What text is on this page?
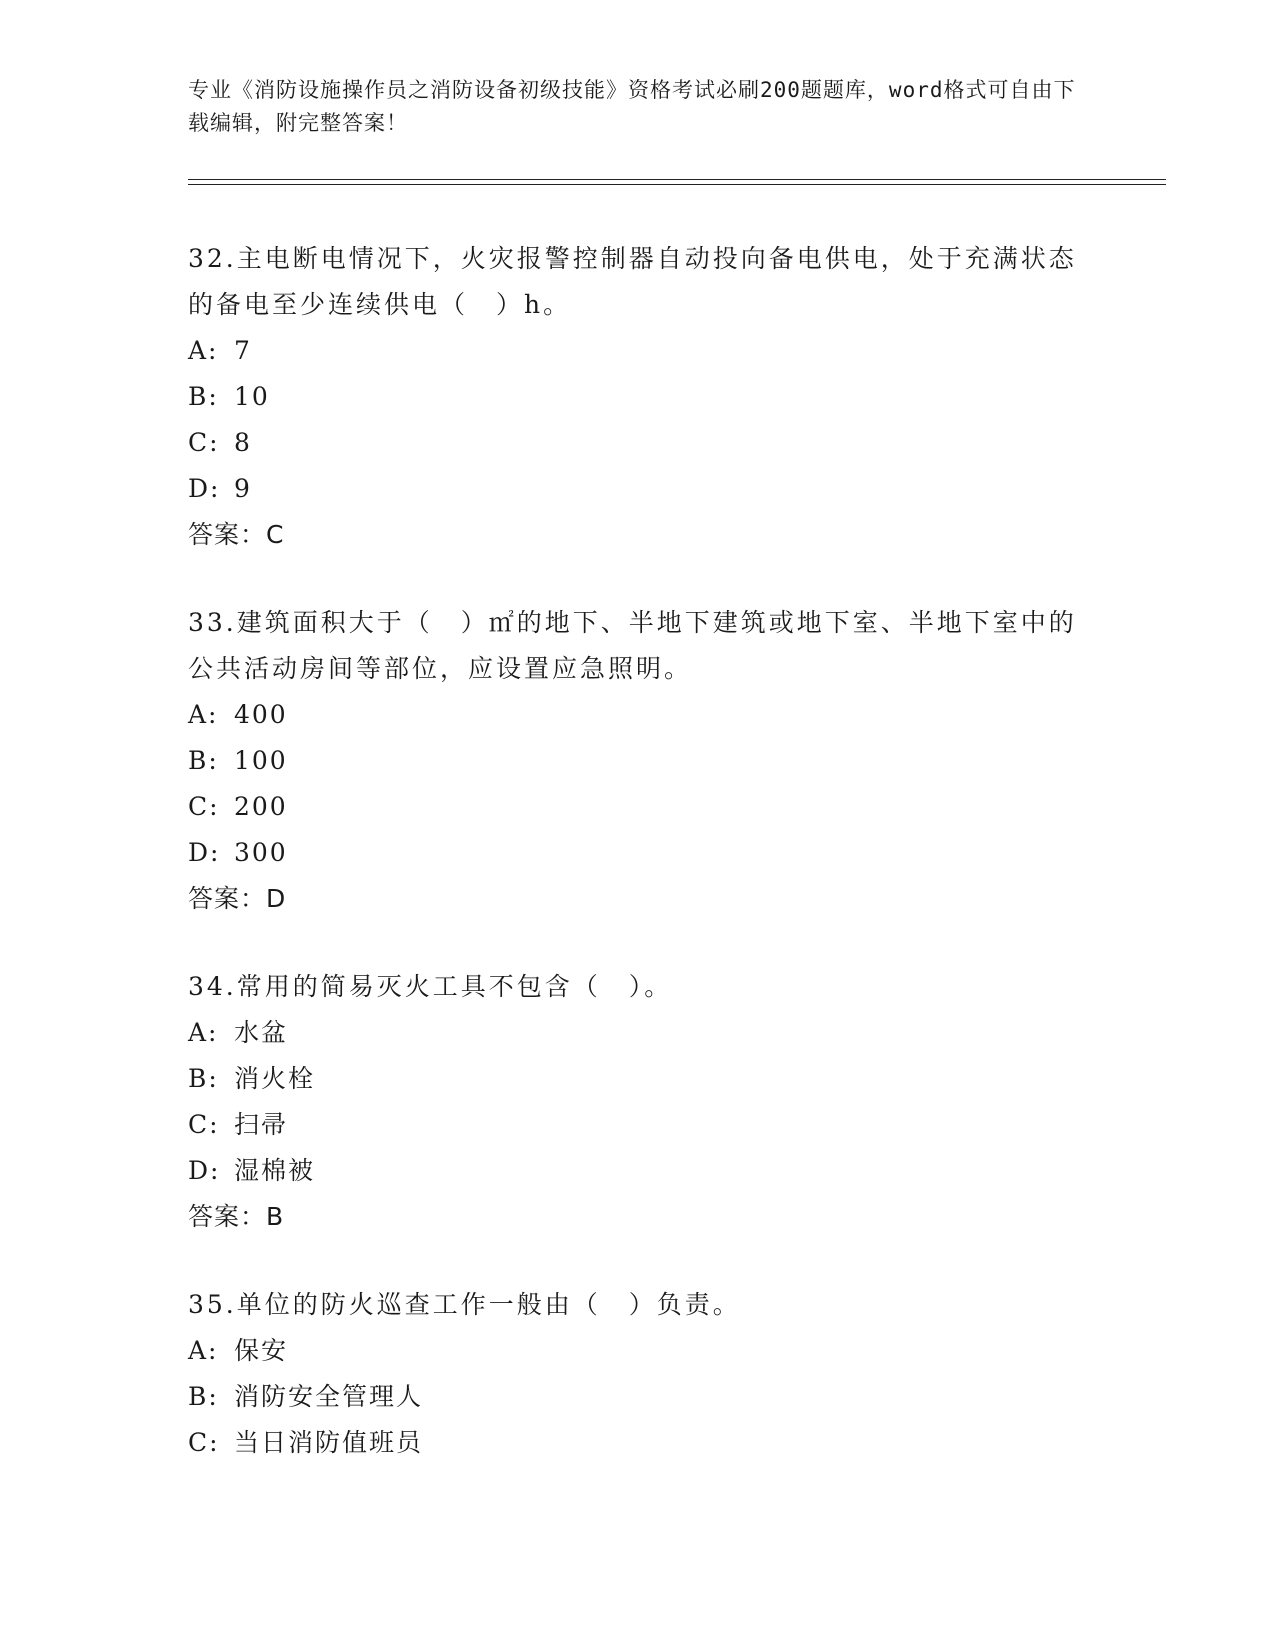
专业《消防设施操作员之消防设备初级技能》资格考试必刷200题题库，word格式可自由下载编辑，附完整答案！
32.主电断电情况下，火灾报警控制器自动投向备电供电，处于充满状态的备电至少连续供电（　）h。
A: 7
B: 10
C: 8
D: 9
答案：C
33.建筑面积大于（　）㎡的地下、半地下建筑或地下室、半地下室中的公共活动房间等部位，应设置应急照明。
A: 400
B: 100
C: 200
D: 300
答案：D
34.常用的简易灭火工具不包含（　）。
A: 水盆
B: 消火栓
C: 扫帚
D: 湿棉被
答案：B
35.单位的防火巡查工作一般由（　）负责。
A: 保安
B: 消防安全管理人
C: 当日消防值班员
